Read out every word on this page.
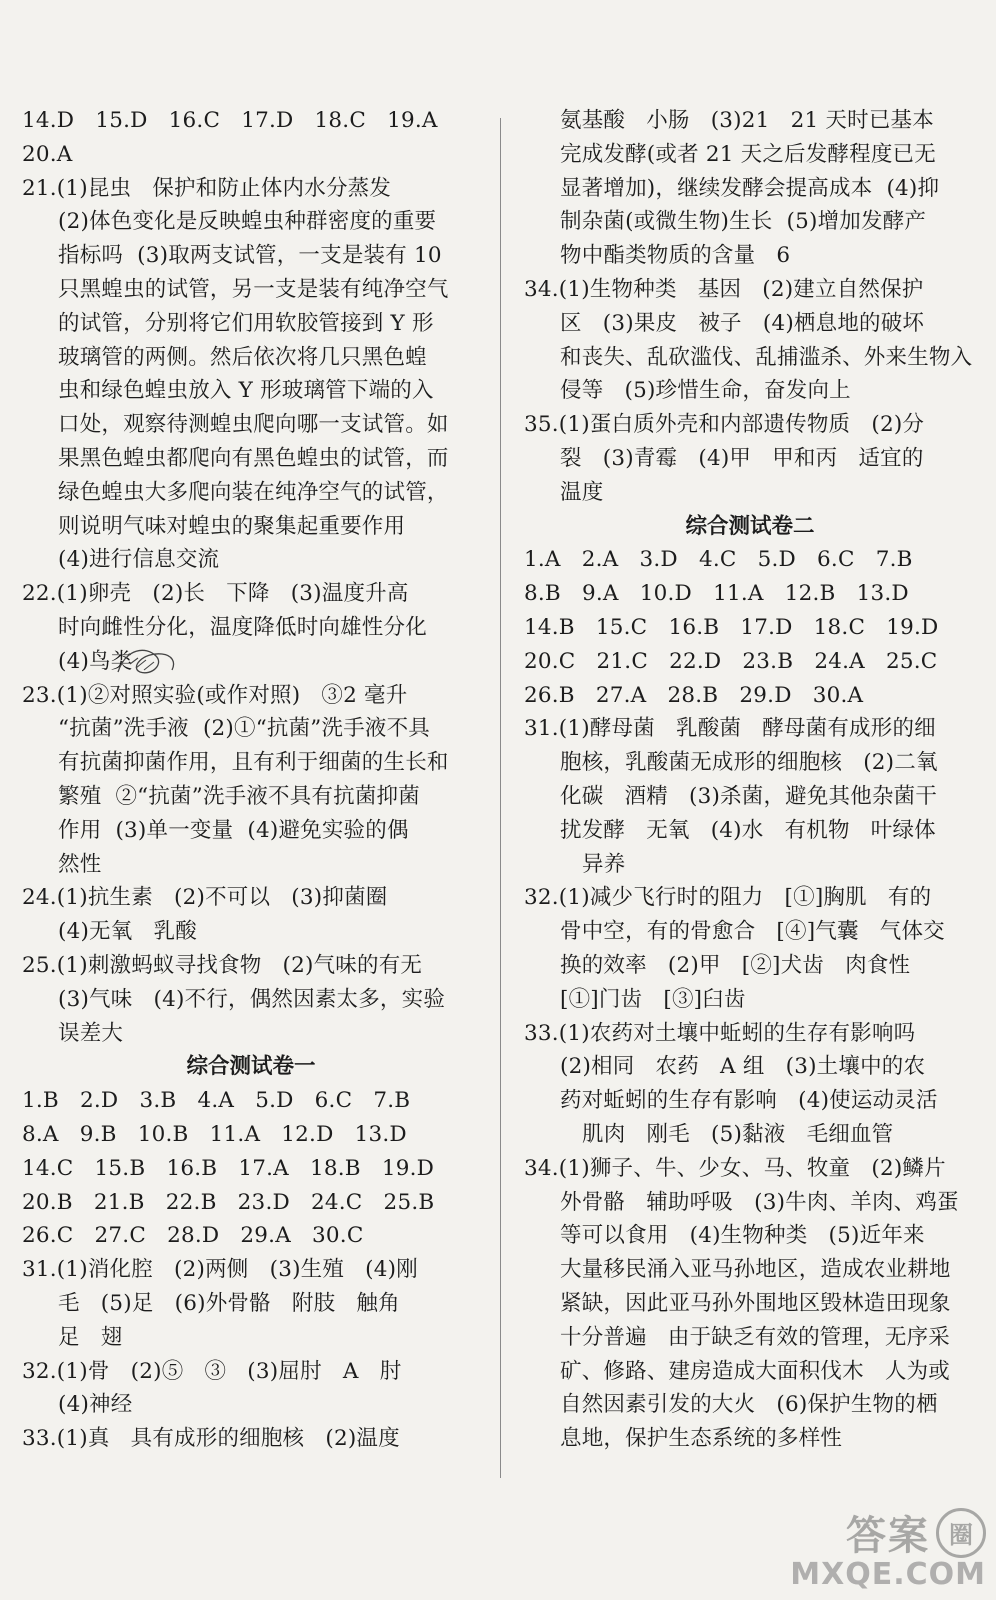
14.D   15.D   16.C   17.D   18.C   19.A
20.A
21.(1)昆虫   保护和防止体内水分蒸发
(2)体色变化是反映蝗虫种群密度的重要
指标吗  (3)取两支试管，一支是装有 10
只黑蝗虫的试管，另一支是装有纯净空气
的试管，分别将它们用软胶管接到 Y 形
玻璃管的两侧。然后依次将几只黑色蝗
虫和绿色蝗虫放入 Y 形玻璃管下端的入
口处，观察待测蝗虫爬向哪一支试管。如
果黑色蝗虫都爬向有黑色蝗虫的试管，而
绿色蝗虫大多爬向装在纯净空气的试管，
则说明气味对蝗虫的聚集起重要作用
(4)进行信息交流
22.(1)卵壳   (2)长   下降   (3)温度升高
时向雌性分化，温度降低时向雄性分化
(4)鸟类
23.(1)②对照实验(或作对照)   ③2 毫升
“抗菌”洗手液  (2)①“抗菌”洗手液不具
有抗菌抑菌作用，且有利于细菌的生长和
繁殖  ②“抗菌”洗手液不具有抗菌抑菌
作用  (3)单一变量  (4)避免实验的偶
然性
24.(1)抗生素   (2)不可以   (3)抑菌圈
(4)无氧   乳酸
25.(1)刺激蚂蚁寻找食物   (2)气味的有无
(3)气味   (4)不行，偶然因素太多，实验
误差大
综合测试卷一
1.B   2.D   3.B   4.A   5.D   6.C   7.B
8.A   9.B   10.B   11.A   12.D   13.D
14.C   15.B   16.B   17.A   18.B   19.D
20.B   21.B   22.B   23.D   24.C   25.B
26.C   27.C   28.D   29.A   30.C
31.(1)消化腔   (2)两侧   (3)生殖   (4)刚
毛   (5)足   (6)外骨骼   附肢   触角
足   翅
32.(1)骨   (2)⑤   ③   (3)屈肘   A   肘
(4)神经
33.(1)真   具有成形的细胞核   (2)温度
氨基酸   小肠   (3)21   21 天时已基本
完成发酵(或者 21 天之后发酵程度已无
显著增加)，继续发酵会提高成本  (4)抑
制杂菌(或微生物)生长  (5)增加发酵产
物中酯类物质的含量   6
34.(1)生物种类   基因   (2)建立自然保护
区   (3)果皮   被子   (4)栖息地的破坏
和丧失、乱砍滥伐、乱捕滥杀、外来生物入
侵等   (5)珍惜生命，奋发向上
35.(1)蛋白质外壳和内部遗传物质   (2)分
裂   (3)青霉   (4)甲   甲和丙   适宜的
温度
综合测试卷二
1.A   2.A   3.D   4.C   5.D   6.C   7.B
8.B   9.A   10.D   11.A   12.B   13.D
14.B   15.C   16.B   17.D   18.C   19.D
20.C   21.C   22.D   23.B   24.A   25.C
26.B   27.A   28.B   29.D   30.A
31.(1)酵母菌   乳酸菌   酵母菌有成形的细
胞核，乳酸菌无成形的细胞核   (2)二氧
化碳   酒精   (3)杀菌，避免其他杂菌干
扰发酵   无氧   (4)水   有机物   叶绿体
异养
32.(1)减少飞行时的阻力   [①]胸肌   有的
骨中空，有的骨愈合   [④]气囊   气体交
换的效率   (2)甲   [②]犬齿   肉食性
[①]门齿   [③]臼齿
33.(1)农药对土壤中蚯蚓的生存有影响吗
(2)相同   农药   A 组   (3)土壤中的农
药对蚯蚓的生存有影响   (4)使运动灵活
肌肉   刚毛   (5)黏液   毛细血管
34.(1)狮子、牛、少女、马、牧童   (2)鳞片
外骨骼   辅助呼吸   (3)牛肉、羊肉、鸡蛋
等可以食用   (4)生物种类   (5)近年来
大量移民涌入亚马孙地区，造成农业耕地
紧缺，因此亚马孙外围地区毁林造田现象
十分普遍   由于缺乏有效的管理，无序采
矿、修路、建房造成大面积伐木   人为或
自然因素引发的大火   (6)保护生物的栖
息地，保护生态系统的多样性
答案 圈
MXQE.COM
